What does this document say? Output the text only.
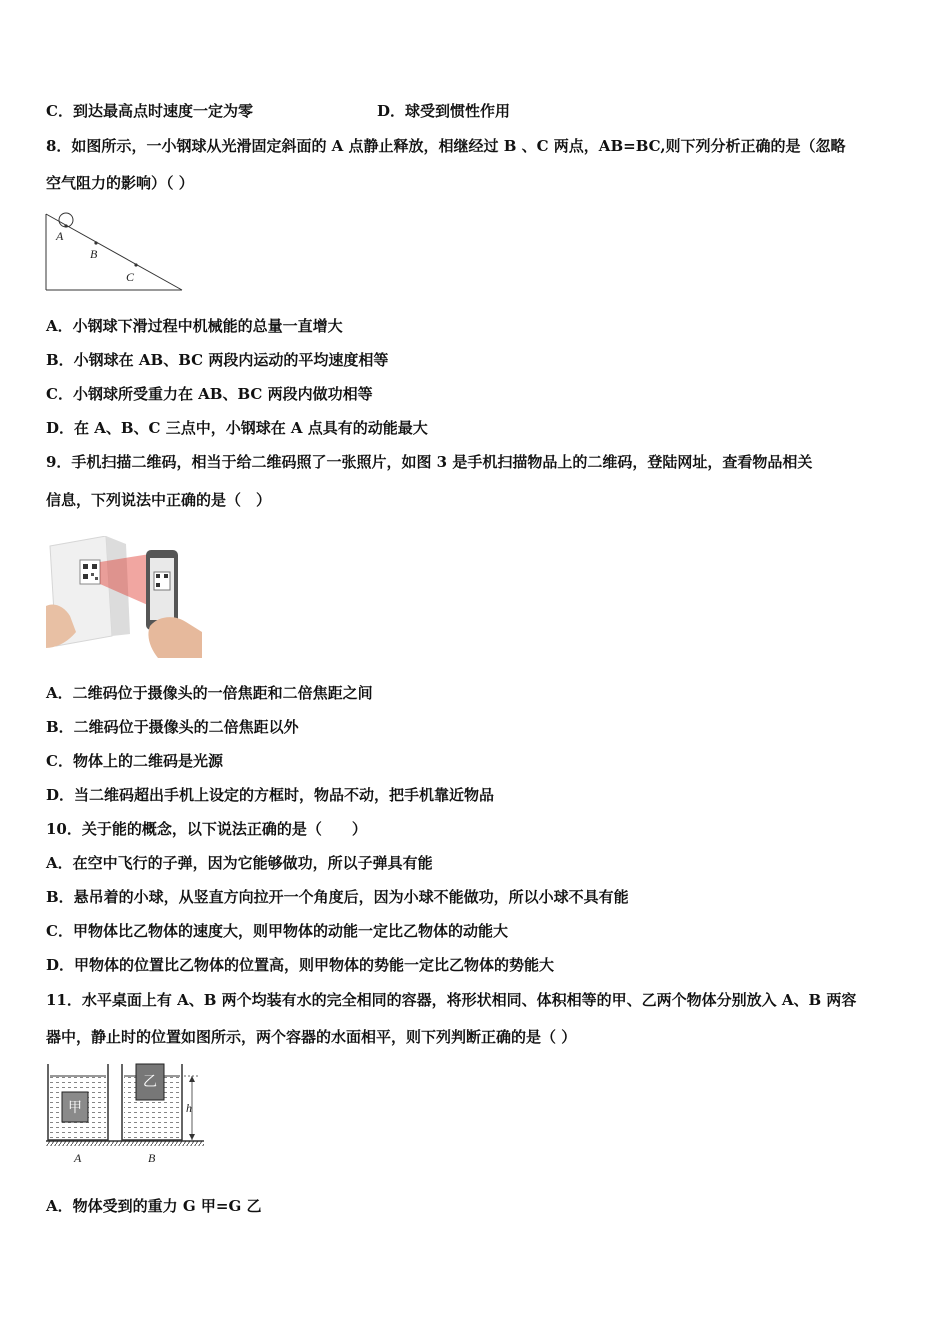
C．到达最高点时速度一定为零	D．球受到惯性作用
8．如图所示，一小钢球从光滑固定斜面的 A 点静止释放，相继经过 B 、C 两点，AB=BC,则下列分析正确的是（忽略
空气阻力的影响）（ ）
A
B
C
A．小钢球下滑过程中机械能的总量一直增大
B．小钢球在 AB、BC 两段内运动的平均速度相等
C．小钢球所受重力在 AB、BC 两段内做功相等
D．在 A、B、C 三点中，小钢球在 A 点具有的动能最大
9．手机扫描二维码，相当于给二维码照了一张照片，如图 3 是手机扫描物品上的二维码，登陆网址，查看物品相关
信息，下列说法中正确的是（　）
A．二维码位于摄像头的一倍焦距和二倍焦距之间
B．二维码位于摄像头的二倍焦距以外
C．物体上的二维码是光源
D．当二维码超出手机上设定的方框时，物品不动，把手机靠近物品
10．关于能的概念，以下说法正确的是（　　）
A．在空中飞行的子弹，因为它能够做功，所以子弹具有能
B．悬吊着的小球，从竖直方向拉开一个角度后，因为小球不能做功，所以小球不具有能
C．甲物体比乙物体的速度大，则甲物体的动能一定比乙物体的动能大
D．甲物体的位置比乙物体的位置高，则甲物体的势能一定比乙物体的势能大
11．水平桌面上有 A、B 两个均装有水的完全相同的容器，将形状相同、体积相等的甲、乙两个物体分别放入 A、B 两容
器中，静止时的位置如图所示，两个容器的水面相平，则下列判断正确的是（ ）
甲
乙
h
A	B
A．物体受到的重力 G 甲=G 乙
